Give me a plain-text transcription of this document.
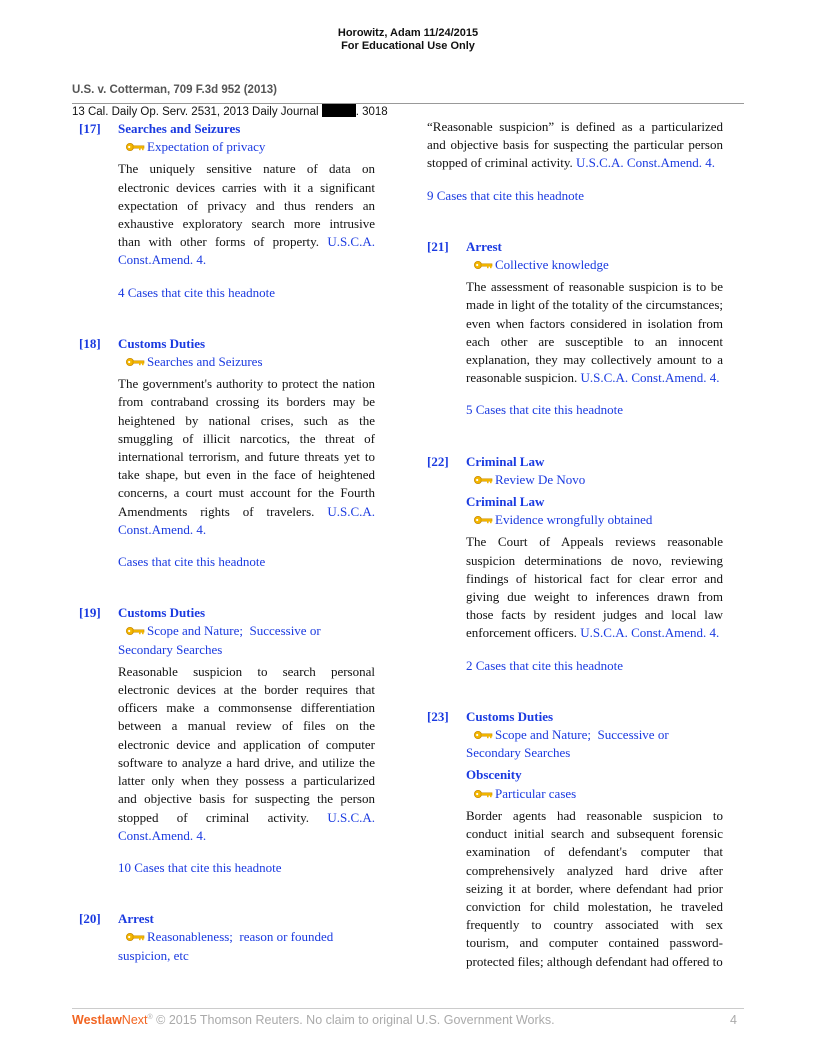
Horowitz, Adam 11/24/2015
For Educational Use Only
U.S. v. Cotterman, 709 F.3d 952 (2013)
13 Cal. Daily Op. Serv. 2531, 2013 Daily Journal	. 3018
[17]	Searches and Seizures
Expectation of privacy
The uniquely sensitive nature of data on electronic devices carries with it a significant expectation of privacy and thus renders an exhaustive exploratory search more intrusive than with other forms of property. U.S.C.A. Const.Amend. 4.
4 Cases that cite this headnote
[18]	Customs Duties
Searches and Seizures
The government's authority to protect the nation from contraband crossing its borders may be heightened by national crises, such as the smuggling of illicit narcotics, the threat of international terrorism, and future threats yet to take shape, but even in the face of heightened concerns, a court must account for the Fourth Amendments rights of travelers. U.S.C.A. Const.Amend. 4.
Cases that cite this headnote
[19]	Customs Duties
Scope and Nature; Successive or
Secondary Searches
Reasonable suspicion to search personal electronic devices at the border requires that officers make a commonsense differentiation between a manual review of files on the electronic device and application of computer software to analyze a hard drive, and utilize the latter only when they possess a particularized and objective basis for suspecting the person stopped of criminal activity. U.S.C.A. Const.Amend. 4.
10 Cases that cite this headnote
[20]	Arrest
Reasonableness; reason or founded
suspicion, etc
“Reasonable suspicion” is defined as a particularized and objective basis for suspecting the particular person stopped of criminal activity. U.S.C.A. Const.Amend. 4.
9 Cases that cite this headnote
[21]	Arrest
Collective knowledge
The assessment of reasonable suspicion is to be made in light of the totality of the circumstances; even when factors considered in isolation from each other are susceptible to an innocent explanation, they may collectively amount to a reasonable suspicion. U.S.C.A. Const.Amend. 4.
5 Cases that cite this headnote
[22]	Criminal Law
Review De Novo
Criminal Law
Evidence wrongfully obtained
The Court of Appeals reviews reasonable suspicion determinations de novo, reviewing findings of historical fact for clear error and giving due weight to inferences drawn from those facts by resident judges and local law enforcement officers. U.S.C.A. Const.Amend. 4.
2 Cases that cite this headnote
[23]	Customs Duties
Scope and Nature; Successive or
Secondary Searches
Obscenity
Particular cases
Border agents had reasonable suspicion to conduct initial search and subsequent forensic examination of defendant's computer that comprehensively analyzed hard drive after seizing it at border, where defendant had prior conviction for child molestation, he traveled frequently to country associated with sex tourism, and computer contained password-protected files; although defendant had offered to
WestlawNext® © 2015 Thomson Reuters. No claim to original U.S. Government Works.	4
